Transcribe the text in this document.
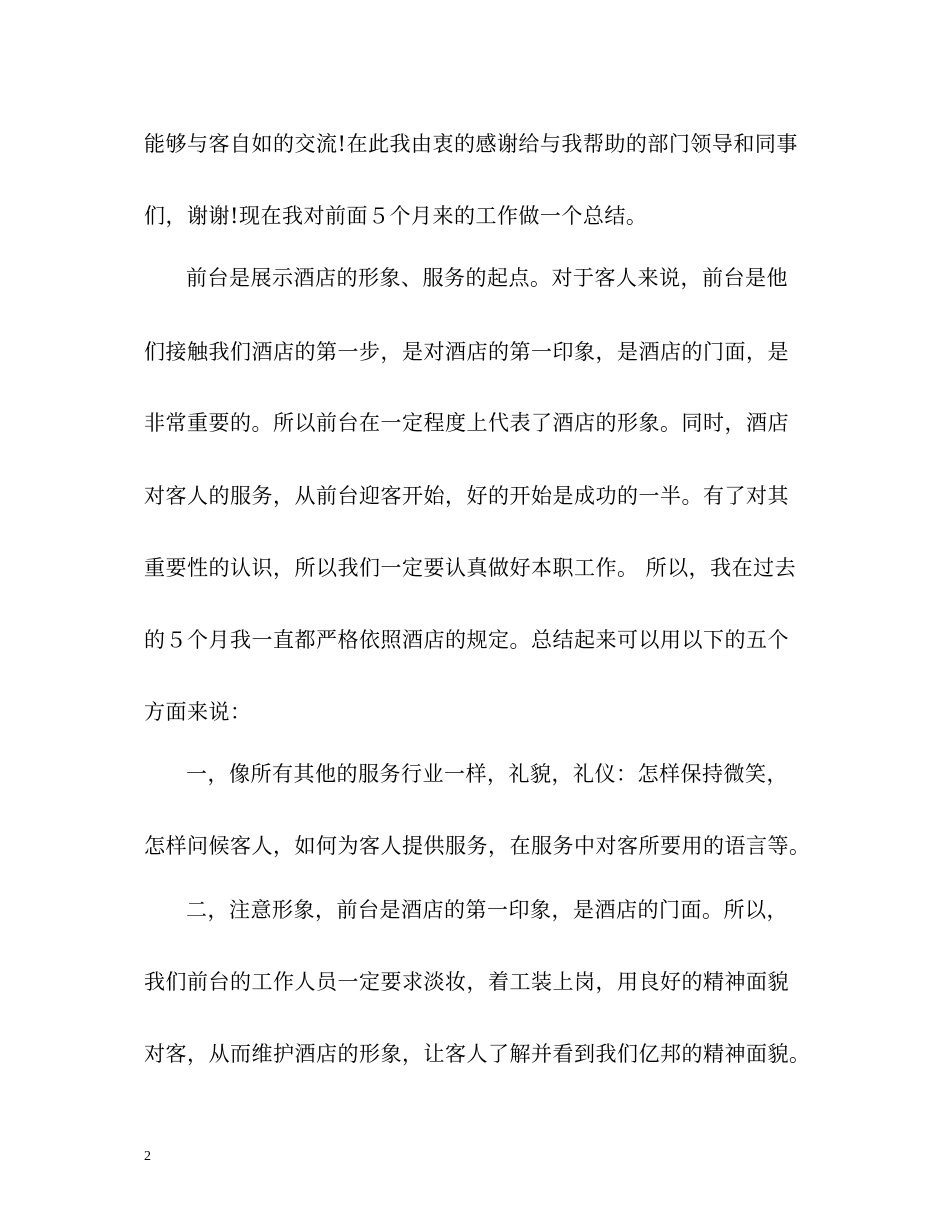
能够与客自如的交流!在此我由衷的感谢给与我帮助的部门领导和同事
们，谢谢!现在我对前面５个月来的工作做一个总结。
前台是展示酒店的形象、服务的起点。对于客人来说，前台是他
们接触我们酒店的第一步，是对酒店的第一印象，是酒店的门面，是
非常重要的。所以前台在一定程度上代表了酒店的形象。同时，酒店
对客人的服务，从前台迎客开始，好的开始是成功的一半。有了对其
重要性的认识，所以我们一定要认真做好本职工作。 所以，我在过去
的５个月我一直都严格依照酒店的规定。总结起来可以用以下的五个
方面来说：
一，像所有其他的服务行业一样，礼貌，礼仪：怎样保持微笑，
怎样问候客人，如何为客人提供服务，在服务中对客所要用的语言等。
二，注意形象，前台是酒店的第一印象，是酒店的门面。所以，
我们前台的工作人员一定要求淡妆，着工装上岗，用良好的精神面貌
对客，从而维护酒店的形象，让客人了解并看到我们亿邦的精神面貌。
2
